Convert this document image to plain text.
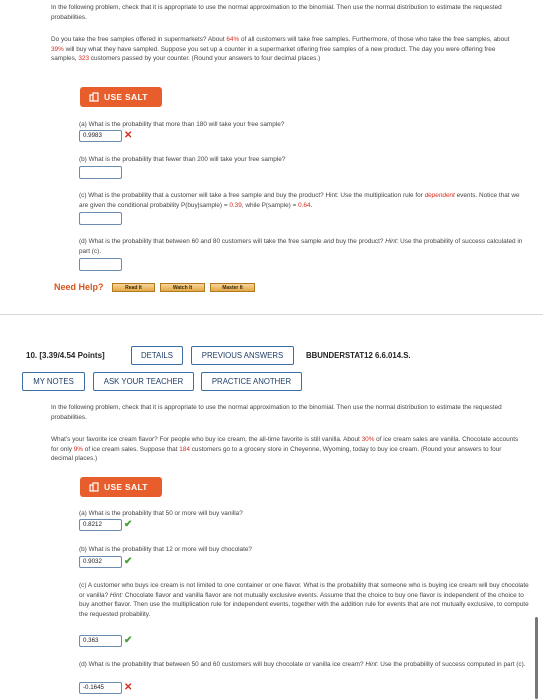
In the following problem, check that it is appropriate to use the normal approximation to the binomial. Then use the normal distribution to estimate the requested probabilities.
Do you take the free samples offered in supermarkets? About 64% of all customers will take free samples. Furthermore, of those who take the free samples, about 39% will buy what they have sampled. Suppose you set up a counter in a supermarket offering free samples of a new product. The day you were offering free samples, 323 customers passed by your counter. (Round your answers to four decimal places.)
USE SALT
(a) What is the probability that more than 180 will take your free sample?
0.9983	✕
(b) What is the probability that fewer than 200 will take your free sample?
(c) What is the probability that a customer will take a free sample and buy the product? Hint: Use the multiplication rule for dependent events. Notice that we are given the conditional probability P(buy|sample) = 0.39, while P(sample) = 0.64.
(d) What is the probability that between 60 and 80 customers will take the free sample and buy the product? Hint: Use the probability of success calculated in part (c).
Need Help?	Read It	Watch It	Master It
10. [3.39/4.54 Points]	DETAILS	PREVIOUS ANSWERS	BBUNDERSTAT12 6.6.014.S.
MY NOTES	ASK YOUR TEACHER	PRACTICE ANOTHER
In the following problem, check that it is appropriate to use the normal approximation to the binomial. Then use the normal distribution to estimate the requested probabilities.
What's your favorite ice cream flavor? For people who buy ice cream, the all-time favorite is still vanilla. About 30% of ice cream sales are vanilla. Chocolate accounts for only 9% of ice cream sales. Suppose that 184 customers go to a grocery store in Cheyenne, Wyoming, today to buy ice cream. (Round your answers to four decimal places.)
USE SALT
(a) What is the probability that 50 or more will buy vanilla?
0.8212	✔
(b) What is the probability that 12 or more will buy chocolate?
0.9032	✔
(c) A customer who buys ice cream is not limited to one container or one flavor. What is the probability that someone who is buying ice cream will buy chocolate or vanilla? Hint: Chocolate flavor and vanilla flavor are not mutually exclusive events. Assume that the choice to buy one flavor is independent of the choice to buy another flavor. Then use the multiplication rule for independent events, together with the addition rule for events that are not mutually exclusive, to compute the requested probability.
0.363	✔
(d) What is the probability that between 50 and 60 customers will buy chocolate or vanilla ice cream? Hint: Use the probability of success computed in part (c).
-0.1645	✕
